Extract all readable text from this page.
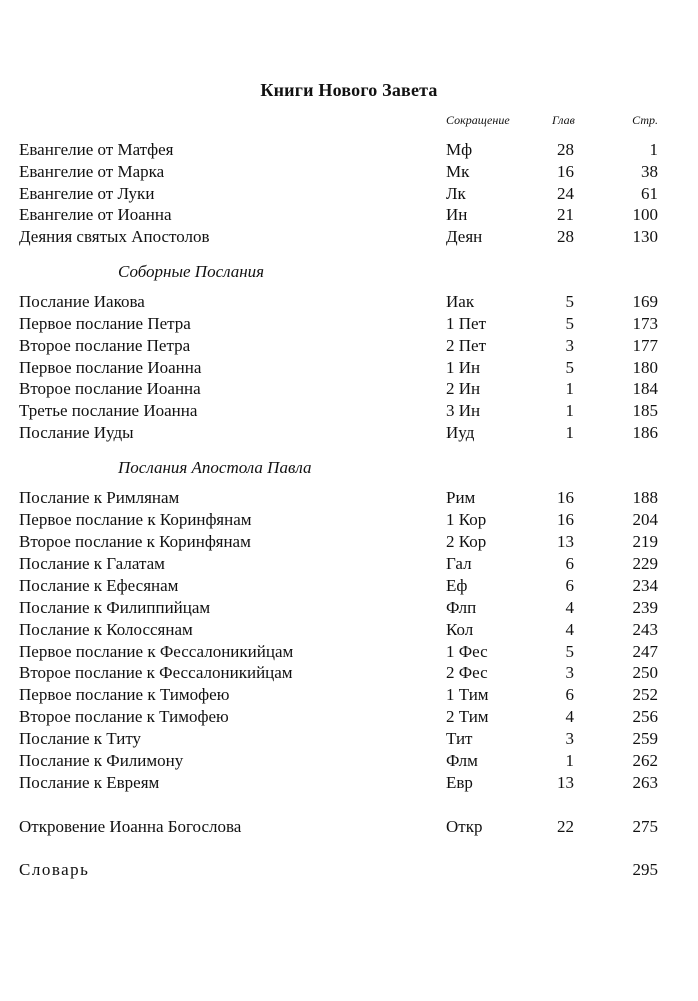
Книги Нового Завета
Сокращение	Глав	Стр.
Евангелие от Матфея	Мф	28	1
Евангелие от Марка	Мк	16	38
Евангелие от Луки	Лк	24	61
Евангелие от Иоанна	Ин	21	100
Деяния святых Апостолов	Деян	28	130
Соборные Послания
Послание Иакова	Иак	5	169
Первое послание Петра	1 Пет	5	173
Второе послание Петра	2 Пет	3	177
Первое послание Иоанна	1 Ин	5	180
Второе послание Иоанна	2 Ин	1	184
Третье послание Иоанна	3 Ин	1	185
Послание Иуды	Иуд	1	186
Послания Апостола Павла
Послание к Римлянам	Рим	16	188
Первое послание к Коринфянам	1 Кор	16	204
Второе послание к Коринфянам	2 Кор	13	219
Послание к Галатам	Гал	6	229
Послание к Ефесянам	Еф	6	234
Послание к Филиппийцам	Флп	4	239
Послание к Колоссянам	Кол	4	243
Первое послание к Фессалоникийцам	1 Фес	5	247
Второе послание к Фессалоникийцам	2 Фес	3	250
Первое послание к Тимофею	1 Тим	6	252
Второе послание к Тимофею	2 Тим	4	256
Послание к Титу	Тит	3	259
Послание к Филимону	Флм	1	262
Послание к Евреям	Евр	13	263
Откровение Иоанна Богослова	Откр	22	275
Словарь	295
